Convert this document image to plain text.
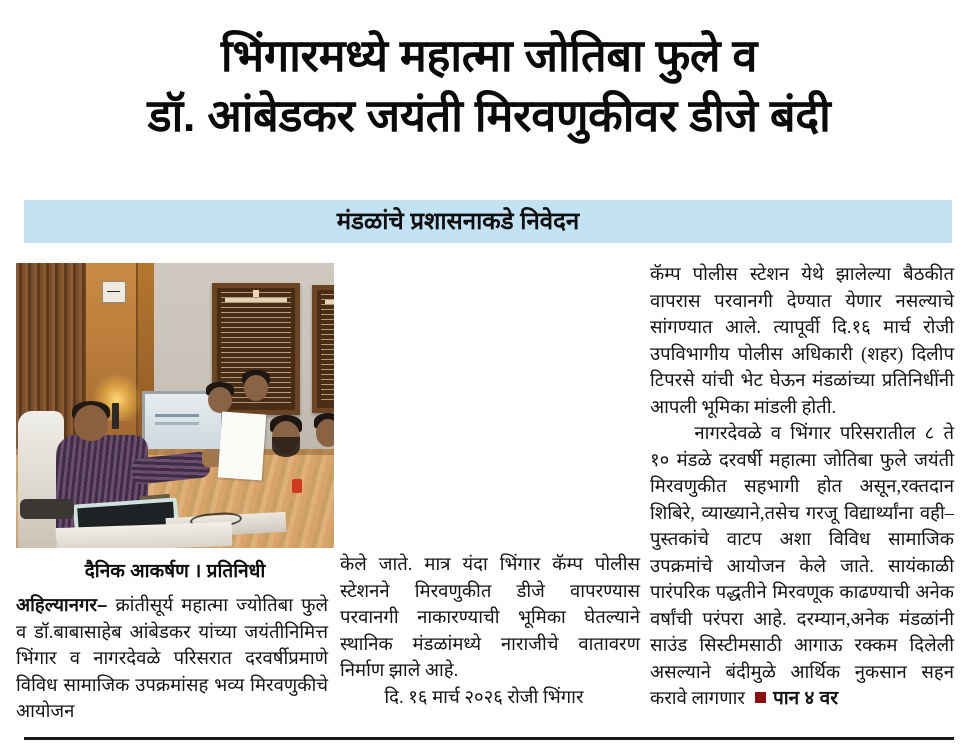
भिंगारमध्ये महात्मा जोतिबा फुले व
डॉ. आंबेडकर जयंती मिरवणुकीवर डीजे बंदी
मंडळांचे प्रशासनाकडे निवेदन
दैनिक आकर्षण । प्रतिनिधी

अहिल्यानगर– क्रांतीसूर्य महात्मा ज्योतिबा फुले व डॉ.बाबासाहेब आंबेडकर यांच्या जयंतीनिमित्त भिंगार व नागरदेवळे परिसरात दरवर्षीप्रमाणे विविध सामाजिक उपक्रमांसह भव्य मिरवणुकीचे आयोजन

केले जाते. मात्र यंदा भिंगार कॅम्प पोलीस स्टेशनने मिरवणुकीत डीजे वापरण्यास परवानगी नाकारण्याची भूमिका घेतल्याने स्थानिक मंडळांमध्ये नाराजीचे वातावरण निर्माण झाले आहे.

दि. १६ मार्च २०२६ रोजी भिंगार

कॅम्प पोलीस स्टेशन येथे झालेल्या बैठकीत वापरास परवानगी देण्यात येणार नसल्याचे सांगण्यात आले. त्यापूर्वी दि.१६ मार्च रोजी उपविभागीय पोलीस अधिकारी (शहर) दिलीप टिपरसे यांची भेट घेऊन मंडळांच्या प्रतिनिधींनी आपली भूमिका मांडली होती.

नागरदेवळे व भिंगार परिसरातील ८ ते १० मंडळे दरवर्षी महात्मा जोतिबा फुले जयंती मिरवणुकीत सहभागी होत असून,रक्तदान शिबिरे, व्याख्याने,तसेच गरजू विद्यार्थ्यांना वही–पुस्तकांचे वाटप अशा विविध सामाजिक उपक्रमांचे आयोजन केले जाते. सायंकाळी पारंपरिक पद्धतीने मिरवणूक काढण्याची अनेक वर्षांची परंपरा आहे. दरम्यान,अनेक मंडळांनी साउंड सिस्टीमसाठी आगाऊ रक्कम दिलेली असल्याने बंदीमुळे आर्थिक नुकसान सहन करावे लागणार पान ४ वर
